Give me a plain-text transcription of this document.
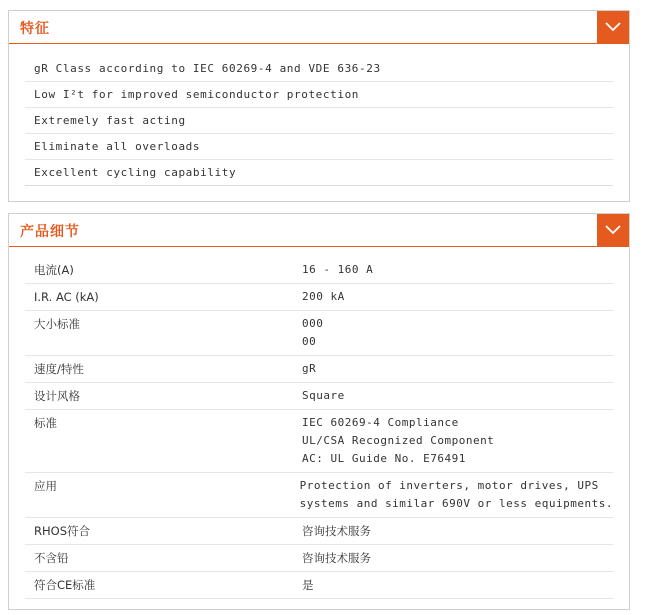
特征
gR Class according to IEC 60269-4 and VDE 636-23
Low I²t for improved semiconductor protection
Extremely fast acting
Eliminate all overloads
Excellent cycling capability
产品细节
电流(A)	16 - 160 A
I.R. AC (kA)	200 kA
大小标准	000
00
速度/特性	gR
设计风格	Square
标准	IEC 60269-4 Compliance
UL/CSA Recognized Component
AC: UL Guide No. E76491
应用	Protection of inverters, motor drives, UPS
systems and similar 690V or less equipments.
RHOS符合	咨询技术服务
不含铅	咨询技术服务
符合CE标准	是
